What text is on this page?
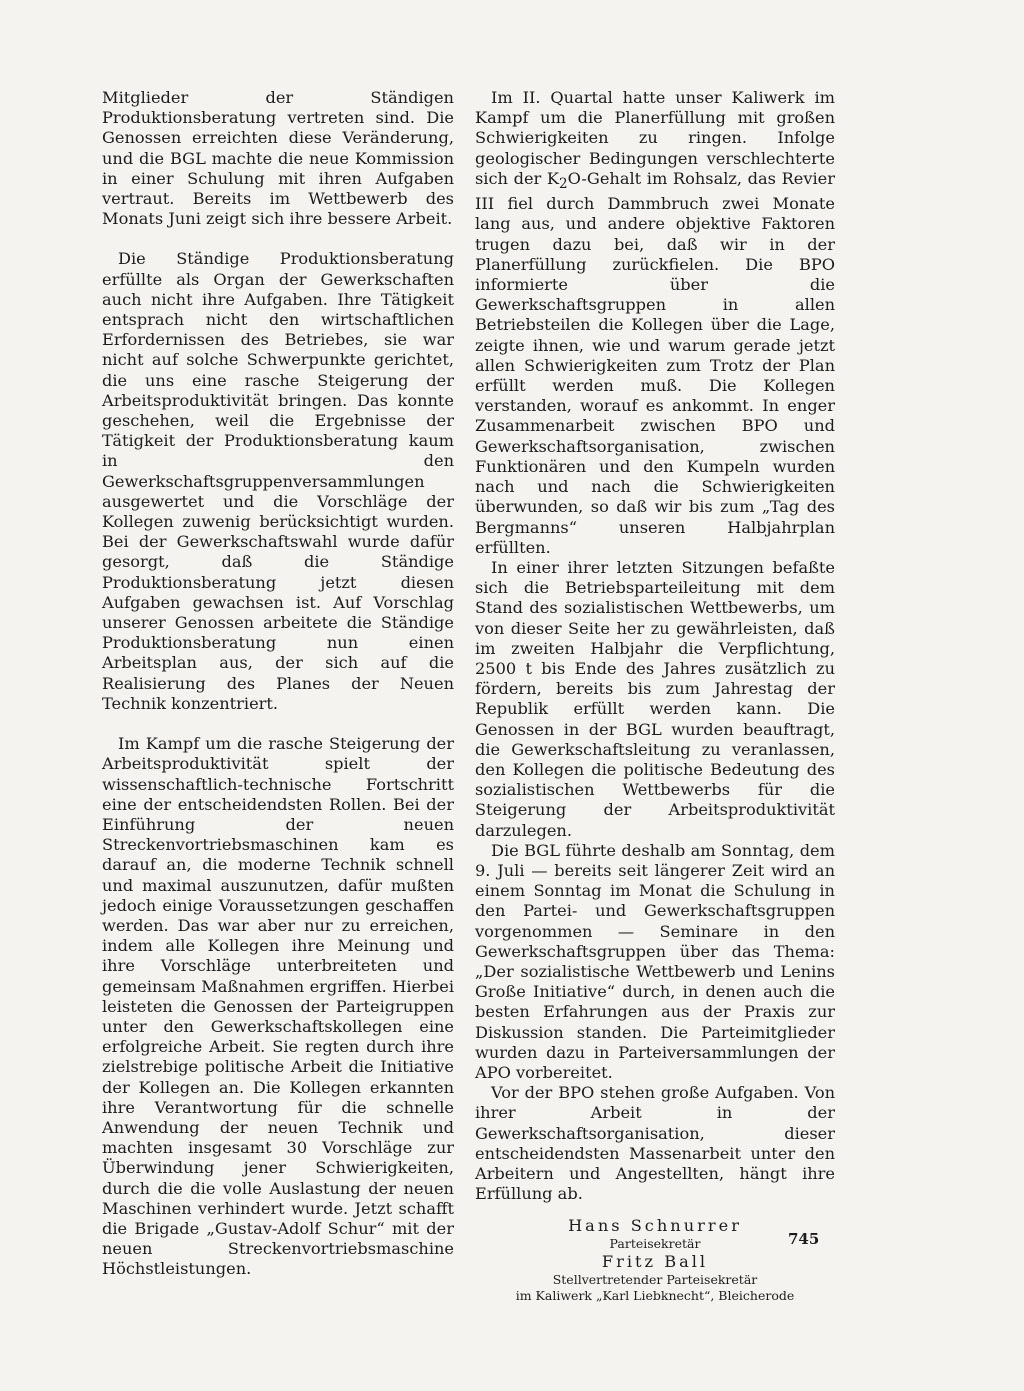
Mitglieder der Ständigen Produktionsberatung vertreten sind. Die Genossen erreichten diese Veränderung, und die BGL machte die neue Kommission in einer Schulung mit ihren Aufgaben vertraut. Bereits im Wettbewerb des Monats Juni zeigt sich ihre bessere Arbeit.

Die Ständige Produktionsberatung erfüllte als Organ der Gewerkschaften auch nicht ihre Aufgaben. Ihre Tätigkeit entsprach nicht den wirtschaftlichen Erfordernissen des Betriebes, sie war nicht auf solche Schwerpunkte gerichtet, die uns eine rasche Steigerung der Arbeitsproduktivität bringen. Das konnte geschehen, weil die Ergebnisse der Tätigkeit der Produktionsberatung kaum in den Gewerkschaftsgruppenversammlungen ausgewertet und die Vorschläge der Kollegen zuwenig berücksichtigt wurden. Bei der Gewerkschaftswahl wurde dafür gesorgt, daß die Ständige Produktionsberatung jetzt diesen Aufgaben gewachsen ist. Auf Vorschlag unserer Genossen arbeitete die Ständige Produktionsberatung nun einen Arbeitsplan aus, der sich auf die Realisierung des Planes der Neuen Technik konzentriert.

Im Kampf um die rasche Steigerung der Arbeitsproduktivität spielt der wissenschaftlich-technische Fortschritt eine der entscheidendsten Rollen. Bei der Einführung der neuen Streckenvortriebsmaschinen kam es darauf an, die moderne Technik schnell und maximal auszunutzen, dafür mußten jedoch einige Voraussetzungen geschaffen werden. Das war aber nur zu erreichen, indem alle Kollegen ihre Meinung und ihre Vorschläge unterbreiteten und gemeinsam Maßnahmen ergriffen. Hierbei leisteten die Genossen der Parteigruppen unter den Gewerkschaftskollegen eine erfolgreiche Arbeit. Sie regten durch ihre zielstrebige politische Arbeit die Initiative der Kollegen an. Die Kollegen erkannten ihre Verantwortung für die schnelle Anwendung der neuen Technik und machten insgesamt 30 Vorschläge zur Überwindung jener Schwierigkeiten, durch die die volle Auslastung der neuen Maschinen verhindert wurde. Jetzt schafft die Brigade „Gustav-Adolf Schur“ mit der neuen Streckenvortriebsmaschine Höchstleistungen.

Im II. Quartal hatte unser Kaliwerk im Kampf um die Planerfüllung mit großen Schwierigkeiten zu ringen. Infolge geologischer Bedingungen verschlechterte sich der $K_2O$-Gehalt im Rohsalz, das Revier III fiel durch Dammbruch zwei Monate lang aus, und andere objektive Faktoren trugen dazu bei, daß wir in der Planerfüllung zurückfielen. Die BPO informierte über die Gewerkschaftsgruppen in allen Betriebsteilen die Kollegen über die Lage, zeigte ihnen, wie und warum gerade jetzt allen Schwierigkeiten zum Trotz der Plan erfüllt werden muß. Die Kollegen verstanden, worauf es ankommt. In enger Zusammenarbeit zwischen BPO und Gewerkschaftsorganisation, zwischen Funktionären und den Kumpeln wurden nach und nach die Schwierigkeiten überwunden, so daß wir bis zum „Tag des Bergmanns“ unseren Halbjahrplan erfüllten.

In einer ihrer letzten Sitzungen befaßte sich die Betriebsparteileitung mit dem Stand des sozialistischen Wettbewerbs, um von dieser Seite her zu gewährleisten, daß im zweiten Halbjahr die Verpflichtung, 2500 t bis Ende des Jahres zusätzlich zu fördern, bereits bis zum Jahrestag der Republik erfüllt werden kann. Die Genossen in der BGL wurden beauftragt, die Gewerkschaftsleitung zu veranlassen, den Kollegen die politische Bedeutung des sozialistischen Wettbewerbs für die Steigerung der Arbeitsproduktivität darzulegen.

Die BGL führte deshalb am Sonntag, dem 9. Juli — bereits seit längerer Zeit wird an einem Sonntag im Monat die Schulung in den Partei- und Gewerkschaftsgruppen vorgenommen — Seminare in den Gewerkschaftsgruppen über das Thema: „Der sozialistische Wettbewerb und Lenins Große Initiative“ durch, in denen auch die besten Erfahrungen aus der Praxis zur Diskussion standen. Die Parteimitglieder wurden dazu in Parteiversammlungen der APO vorbereitet.

Vor der BPO stehen große Aufgaben. Von ihrer Arbeit in der Gewerkschaftsorganisation, dieser entscheidendsten Massenarbeit unter den Arbeitern und Angestellten, hängt ihre Erfüllung ab.

Hans Schnurrer
Parteisekretär
Fritz Ball
Stellvertretender Parteisekretär
im Kaliwerk „Karl Liebknecht“, Bleicherode
745
